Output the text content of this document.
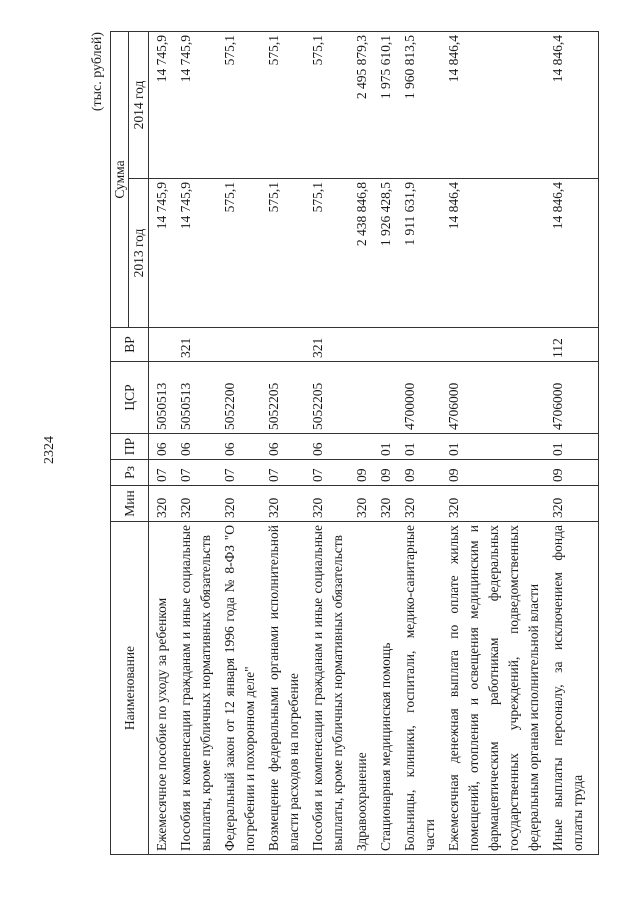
2324
(тыс. рублей)
Наименование	Мин	Рз	ПР	ЦСР	ВР	Сумма	
						2013 год	2014 год
Ежемесячное пособие по уходу за ребенком	320	07	06	5050513		14 745,9	14 745,9
Пособия и компенсации гражданам и иные социальные выплаты, кроме публичных нормативных обязательств	320	07	06	5050513	321	14 745,9	14 745,9
Федеральный закон от 12 января 1996 года № 8-ФЗ "О погребении и похоронном деле"	320	07	06	5052200		575,1	575,1
Возмещение федеральными органами исполнительной власти расходов на погребение	320	07	06	5052205		575,1	575,1
Пособия и компенсации гражданам и иные социальные выплаты, кроме публичных нормативных обязательств	320	07	06	5052205	321	575,1	575,1
Здравоохранение	320	09				2 438 846,8	2 495 879,3
Стационарная медицинская помощь	320	09	01			1 926 428,5	1 975 610,1
Больницы, клиники, госпитали, медико-санитарные части	320	09	01	4700000		1 911 631,9	1 960 813,5
Ежемесячная денежная выплата по оплате жилых помещений, отопления и освещения медицинским и фармацевтическим работникам федеральных государственных учреждений, подведомственных федеральным органам исполнительной власти	320	09	01	4706000		14 846,4	14 846,4
Иные выплаты персоналу, за исключением фонда оплаты труда	320	09	01	4706000	112	14 846,4	14 846,4
